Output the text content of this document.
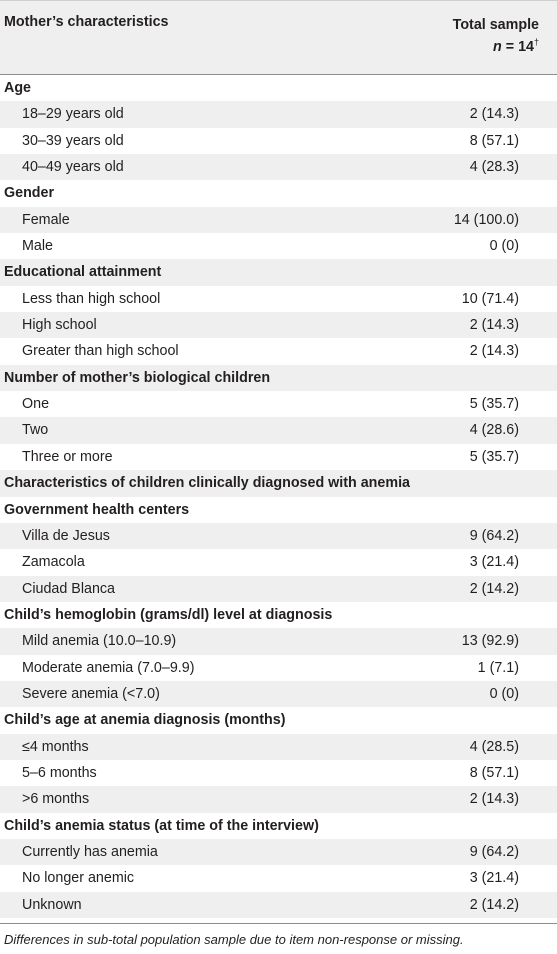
Mother’s characteristics	Total sample
n = 14†
Age
18–29 years old	2 (14.3)
30–39 years old	8 (57.1)
40–49 years old	4 (28.3)
Gender
Female	14 (100.0)
Male	0 (0)
Educational attainment
Less than high school	10 (71.4)
High school	2 (14.3)
Greater than high school	2 (14.3)
Number of mother’s biological children
One	5 (35.7)
Two	4 (28.6)
Three or more	5 (35.7)
Characteristics of children clinically diagnosed with anemia
Government health centers
Villa de Jesus	9 (64.2)
Zamacola	3 (21.4)
Ciudad Blanca	2 (14.2)
Child’s hemoglobin (grams/dl) level at diagnosis
Mild anemia (10.0–10.9)	13 (92.9)
Moderate anemia (7.0–9.9)	1 (7.1)
Severe anemia (<7.0)	0 (0)
Child’s age at anemia diagnosis (months)
≤4 months	4 (28.5)
5–6 months	8 (57.1)
>6 months	2 (14.3)
Child’s anemia status (at time of the interview)
Currently has anemia	9 (64.2)
No longer anemic	3 (21.4)
Unknown	2 (14.2)
Differences in sub-total population sample due to item non-response or missing.
